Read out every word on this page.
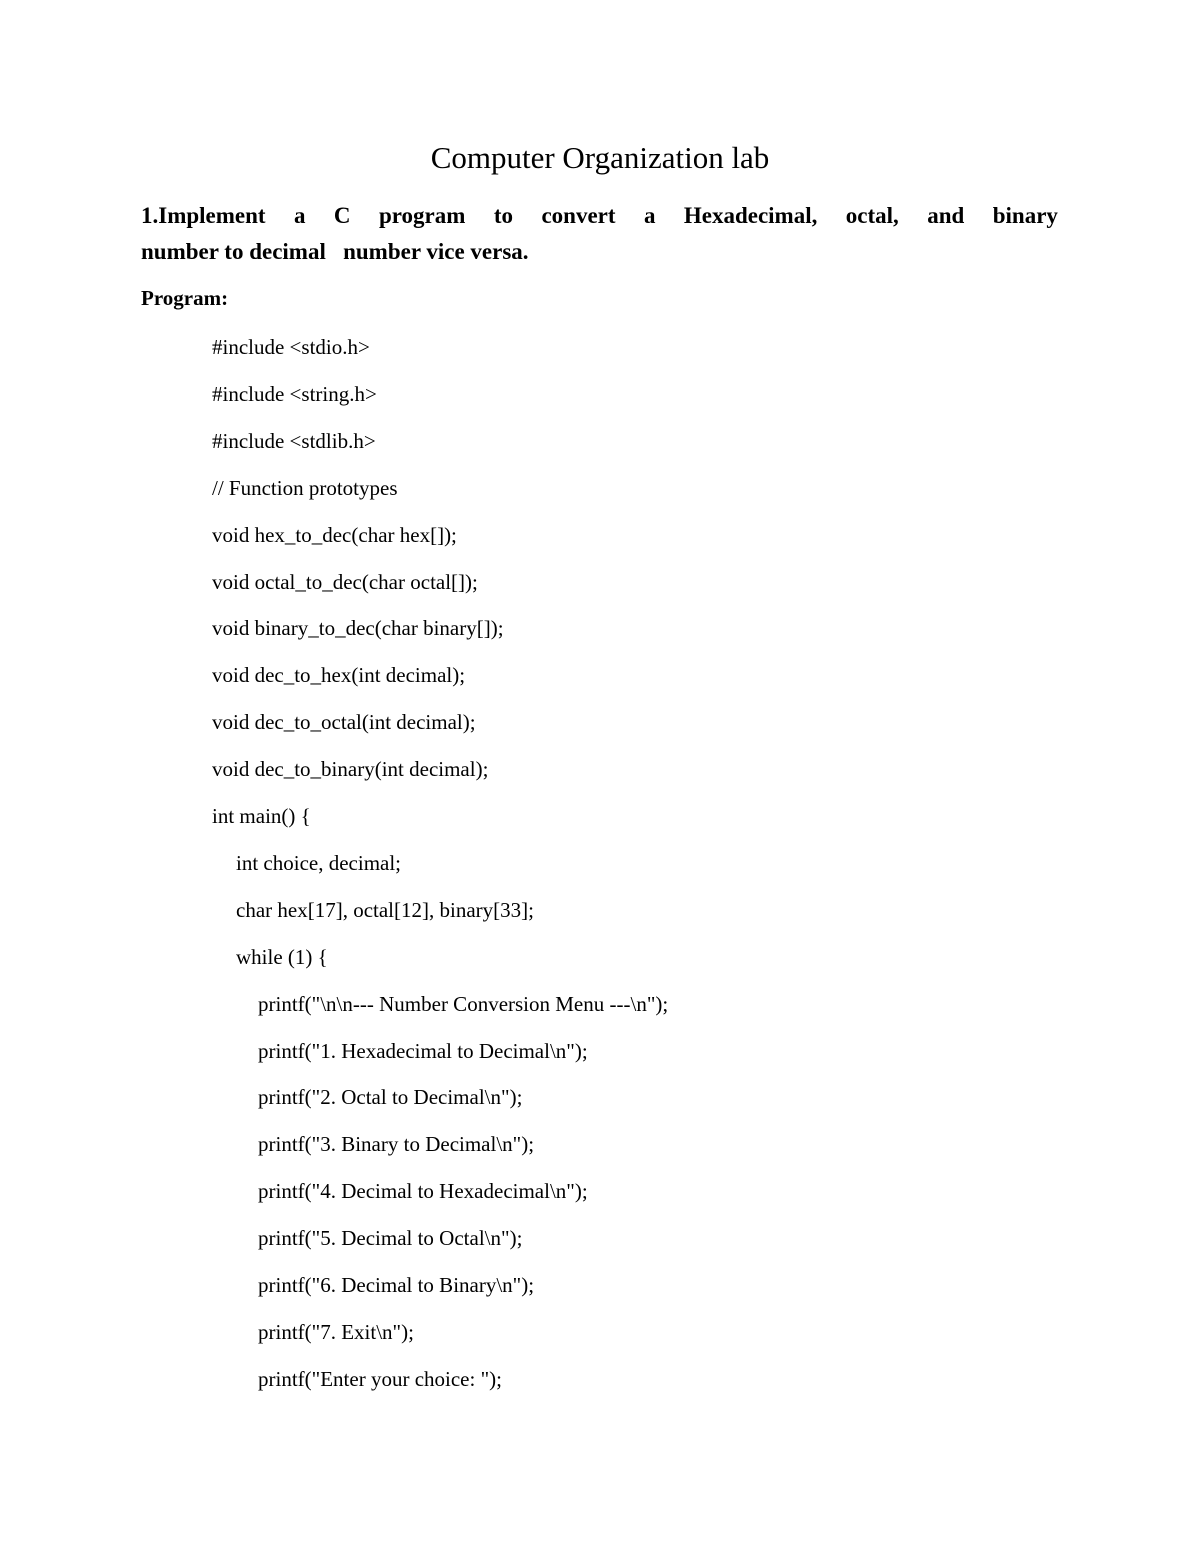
Computer Organization lab
1.Implement a C program to convert a Hexadecimal, octal, and binary
number to decimal   number vice versa.
Program:
#include <stdio.h>
#include <string.h>
#include <stdlib.h>
// Function prototypes
void hex_to_dec(char hex[]);
void octal_to_dec(char octal[]);
void binary_to_dec(char binary[]);
void dec_to_hex(int decimal);
void dec_to_octal(int decimal);
void dec_to_binary(int decimal);
int main() {
int choice, decimal;
char hex[17], octal[12], binary[33];
while (1) {
printf("\n\n--- Number Conversion Menu ---\n");
printf("1. Hexadecimal to Decimal\n");
printf("2. Octal to Decimal\n");
printf("3. Binary to Decimal\n");
printf("4. Decimal to Hexadecimal\n");
printf("5. Decimal to Octal\n");
printf("6. Decimal to Binary\n");
printf("7. Exit\n");
printf("Enter your choice: ");
